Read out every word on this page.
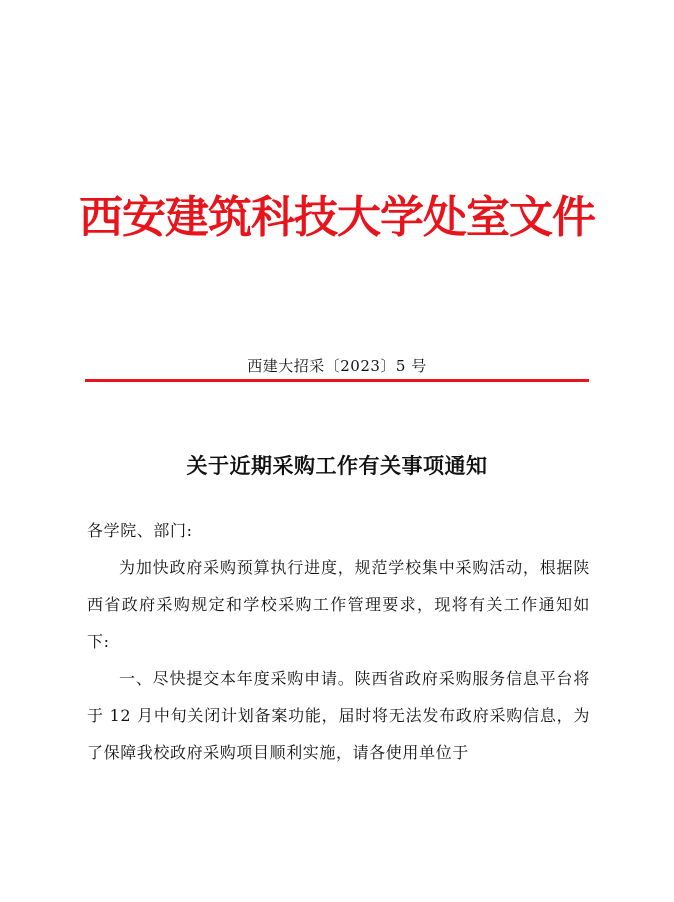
西安建筑科技大学处室文件
西建大招采〔2023〕5 号
关于近期采购工作有关事项通知

各学院、部门:

为加快政府采购预算执行进度，规范学校集中采购活动，根据陕西省政府采购规定和学校采购工作管理要求，现将有关工作通知如下:

一、尽快提交本年度采购申请。陕西省政府采购服务信息平台将于 12 月中旬关闭计划备案功能，届时将无法发布政府采购信息，为了保障我校政府采购项目顺利实施，请各使用单位于
